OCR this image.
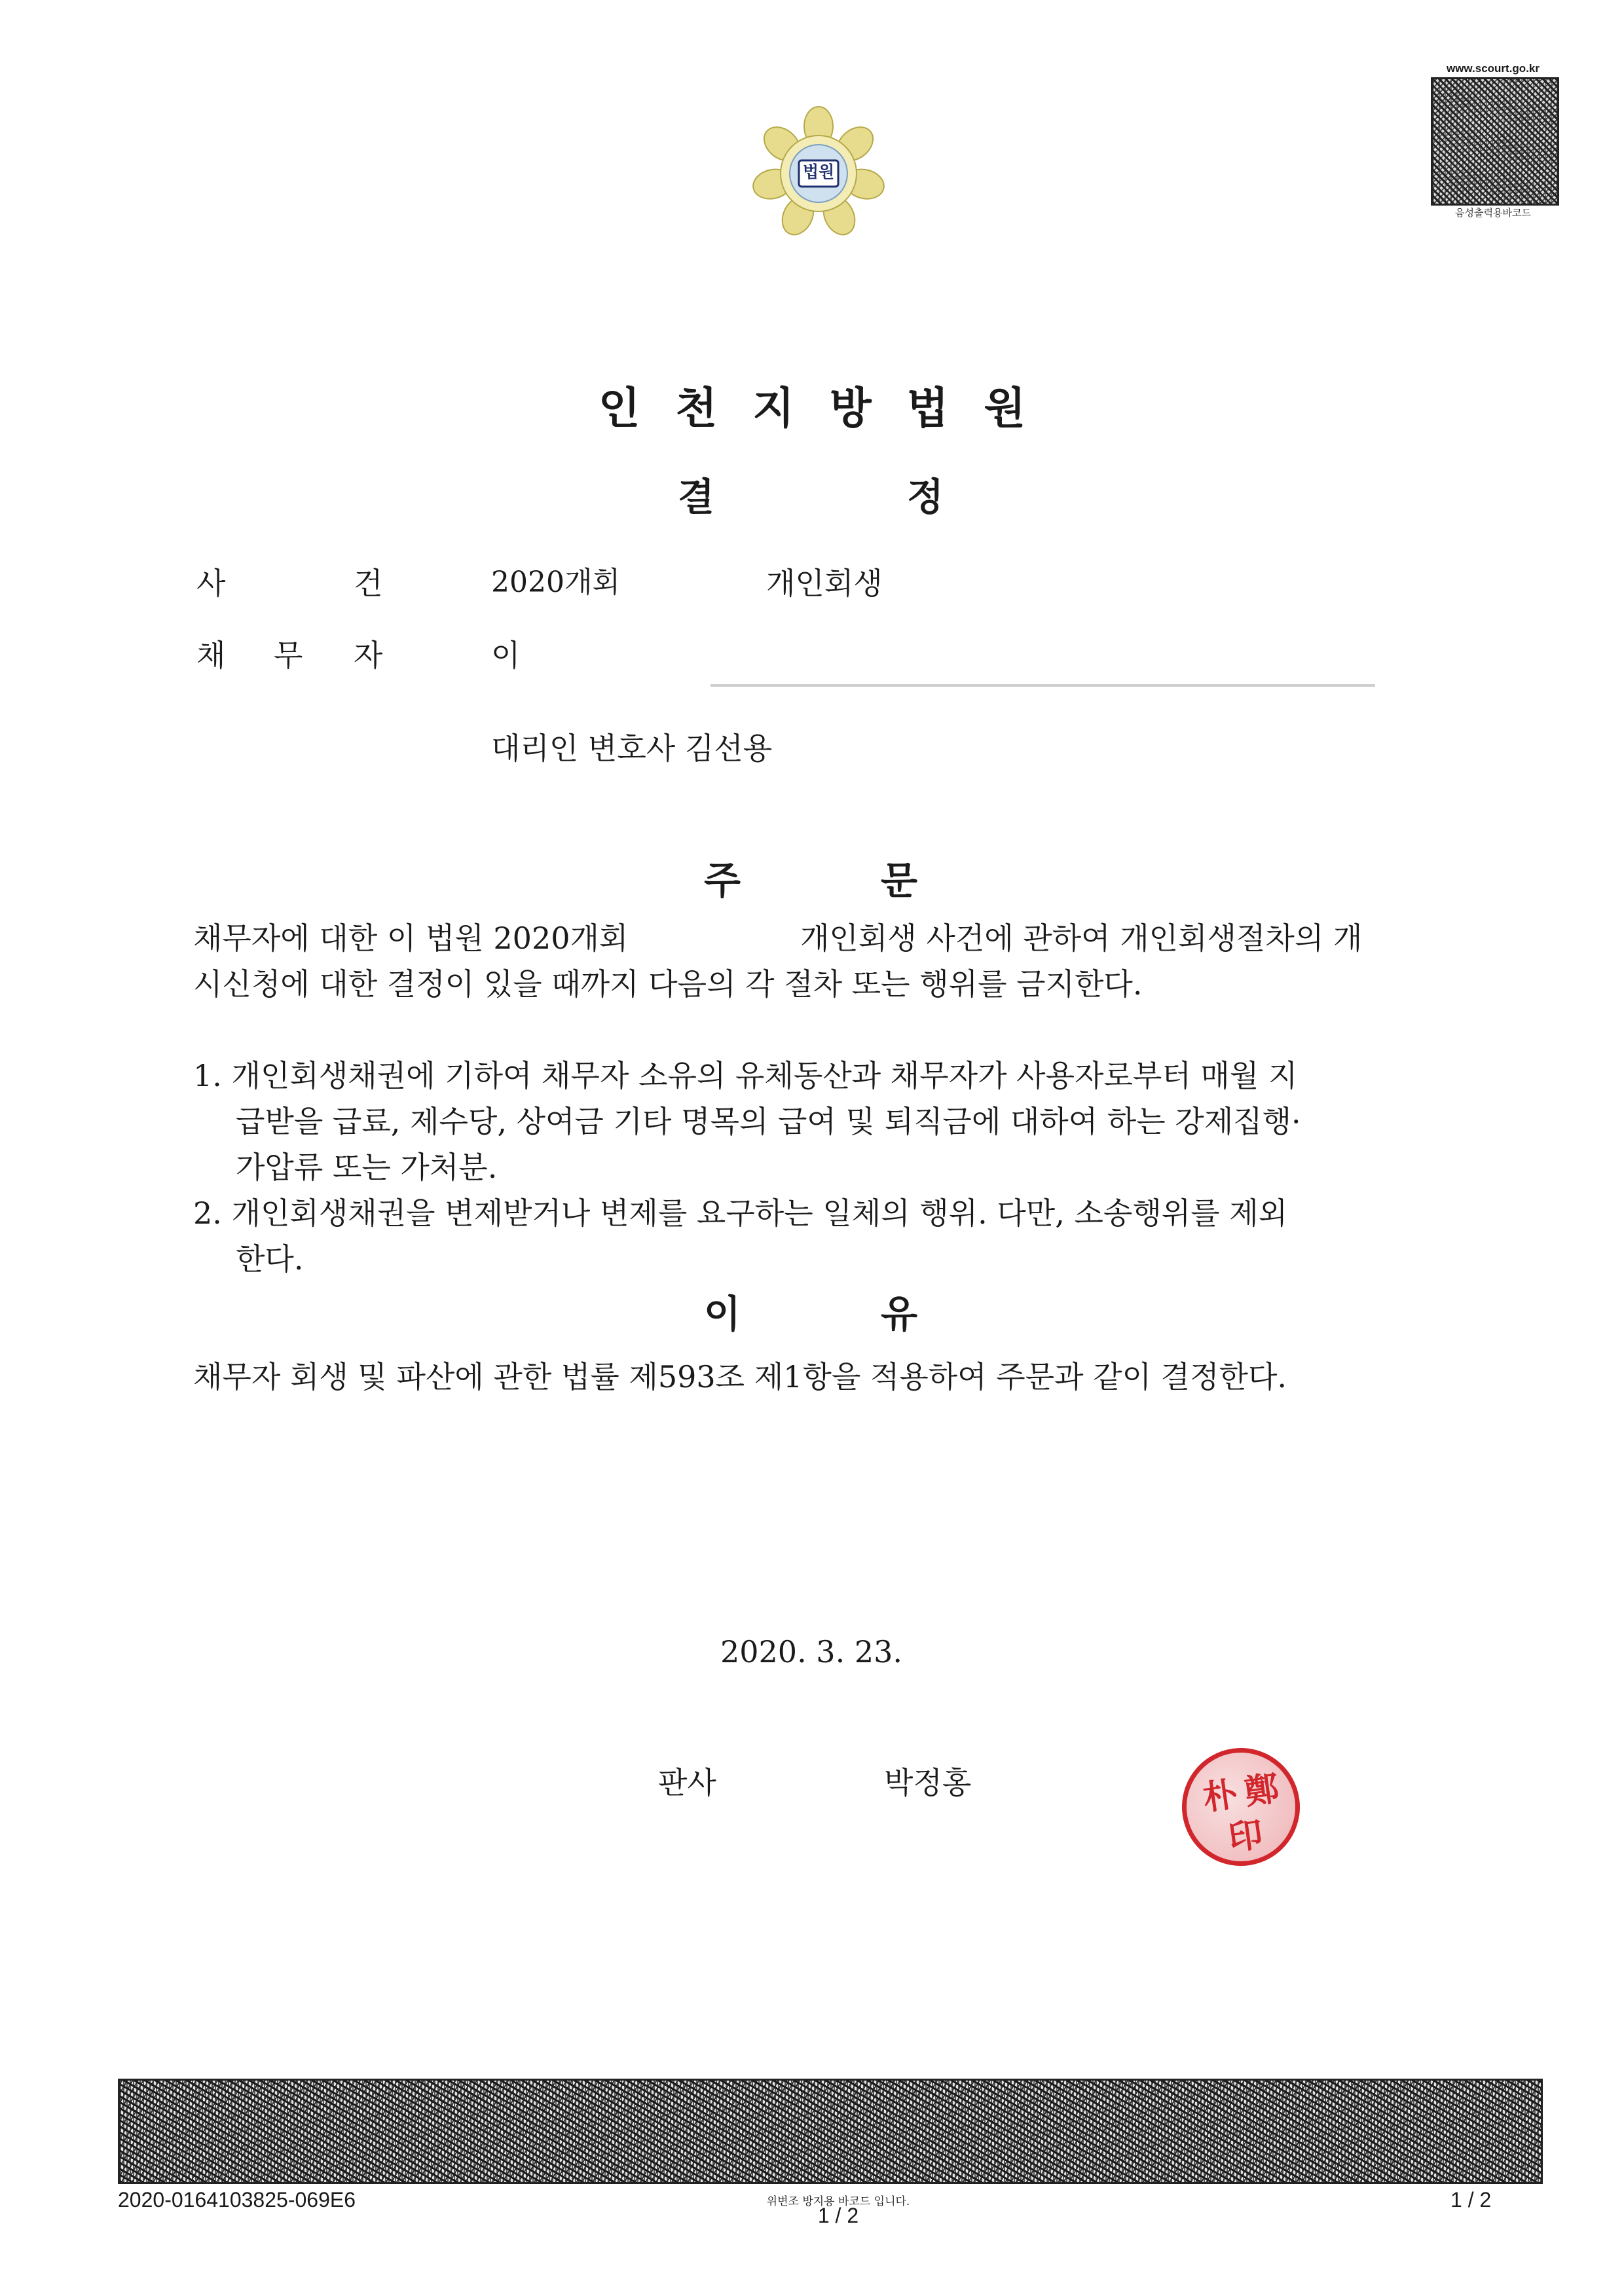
법원
www.scourt.go.kr
음성출력용바코드
인 천 지 방 법 원
결	정
사	건	2020개회	개인회생
채 무 자	이
대리인 변호사 김선용
주	문
채무자에 대한 이 법원 2020개회	개인회생 사건에 관하여 개인회생절차의 개
시신청에 대한 결정이 있을 때까지 다음의 각 절차 또는 행위를 금지한다.
1. 개인회생채권에 기하여 채무자 소유의 유체동산과 채무자가 사용자로부터 매월 지
급받을 급료, 제수당, 상여금 기타 명목의 급여 및 퇴직금에 대하여 하는 강제집행·
가압류 또는 가처분.
2. 개인회생채권을 변제받거나 변제를 요구하는 일체의 행위. 다만, 소송행위를 제외
한다.
이	유
채무자 회생 및 파산에 관한 법률 제593조 제1항을 적용하여 주문과 같이 결정한다.
2020. 3. 23.
판사	박정홍	朴 鄭
印
2020-0164103825-069E6	위변조 방지용 바코드 입니다.
1 / 2
1 / 2
